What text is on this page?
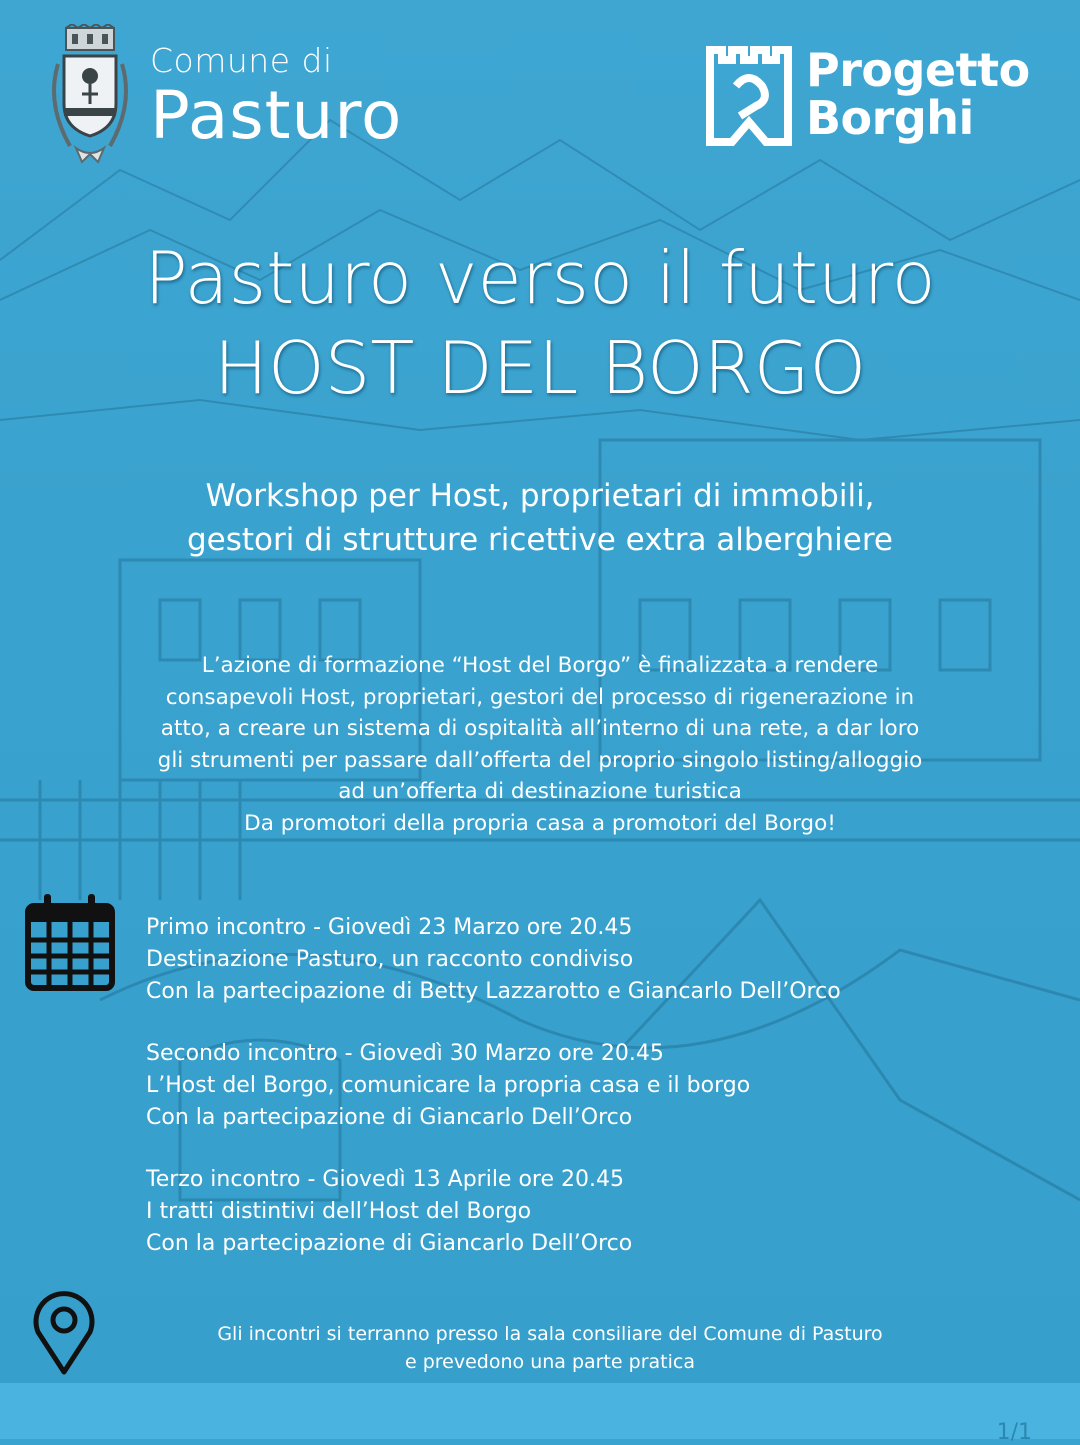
Comune di
Pasturo
Progetto
Borghi
Pasturo verso il futuro
HOST DEL BORGO
Workshop per Host, proprietari di immobili,
gestori di strutture ricettive extra alberghiere
L’azione di formazione “Host del Borgo” è finalizzata a rendere
consapevoli Host, proprietari, gestori del processo di rigenerazione in
atto, a creare un sistema di ospitalità all’interno di una rete, a dar loro
gli strumenti per passare dall’offerta del proprio singolo listing/alloggio
ad un’offerta di destinazione turistica
Da promotori della propria casa a promotori del Borgo!
Primo incontro - Giovedì 23 Marzo ore 20.45
Destinazione Pasturo, un racconto condiviso
Con la partecipazione di Betty Lazzarotto e Giancarlo Dell’Orco
Secondo incontro - Giovedì 30 Marzo ore 20.45
L’Host del Borgo, comunicare la propria casa e il borgo
Con la partecipazione di Giancarlo Dell’Orco
Terzo incontro - Giovedì 13 Aprile ore 20.45
I tratti distintivi dell’Host del Borgo
Con la partecipazione di Giancarlo Dell’Orco
Gli incontri si terranno presso la sala consiliare del Comune di Pasturo
e prevedono una parte pratica
1/1
